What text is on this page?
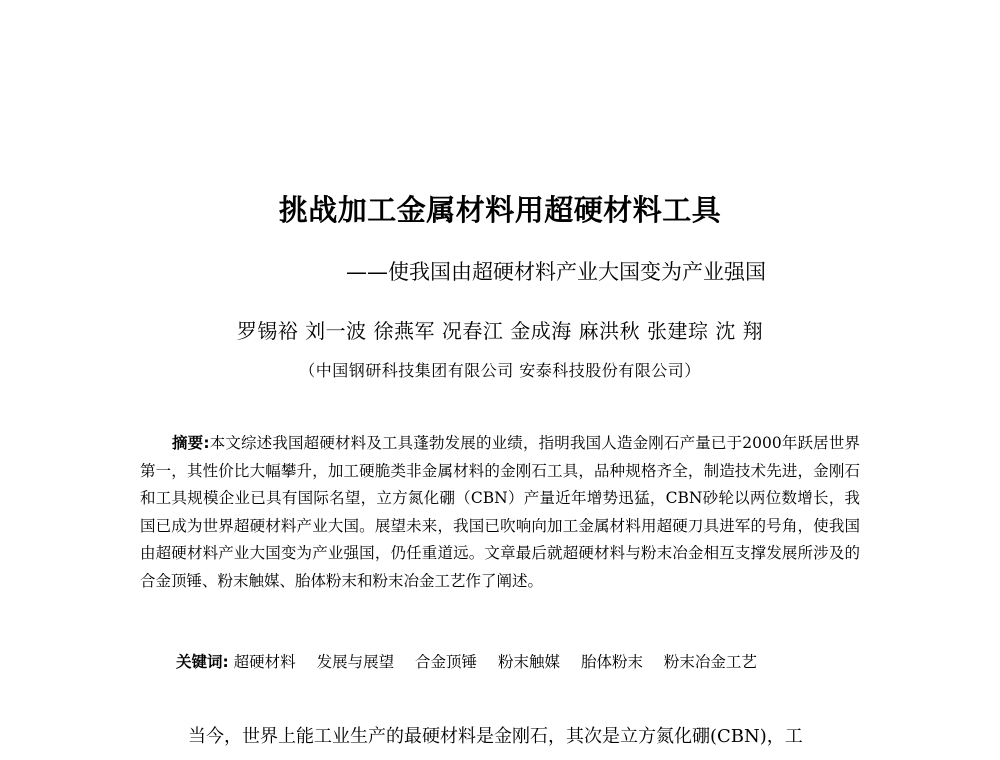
挑战加工金属材料用超硬材料工具
——使我国由超硬材料产业大国变为产业强国
罗锡裕 刘一波 徐燕军 况春江 金成海 麻洪秋 张建琮 沈 翔
（中国钢研科技集团有限公司 安泰科技股份有限公司）
摘要:本文综述我国超硬材料及工具蓬勃发展的业绩，指明我国人造金刚石产量已于2000年跃居世界第一，其性价比大幅攀升，加工硬脆类非金属材料的金刚石工具，品种规格齐全，制造技术先进，金刚石和工具规模企业已具有国际名望，立方氮化硼（CBN）产量近年增势迅猛，CBN砂轮以两位数增长，我国已成为世界超硬材料产业大国。展望未来，我国已吹响向加工金属材料用超硬刀具进军的号角，使我国由超硬材料产业大国变为产业强国，仍任重道远。文章最后就超硬材料与粉末冶金相互支撑发展所涉及的合金顶锤、粉末触媒、胎体粉末和粉末冶金工艺作了阐述。
关键词: 超硬材料 发展与展望 合金顶锤 粉末触媒 胎体粉末 粉末冶金工艺
当今，世界上能工业生产的最硬材料是金刚石，其次是立方氮化硼(CBN)，工
